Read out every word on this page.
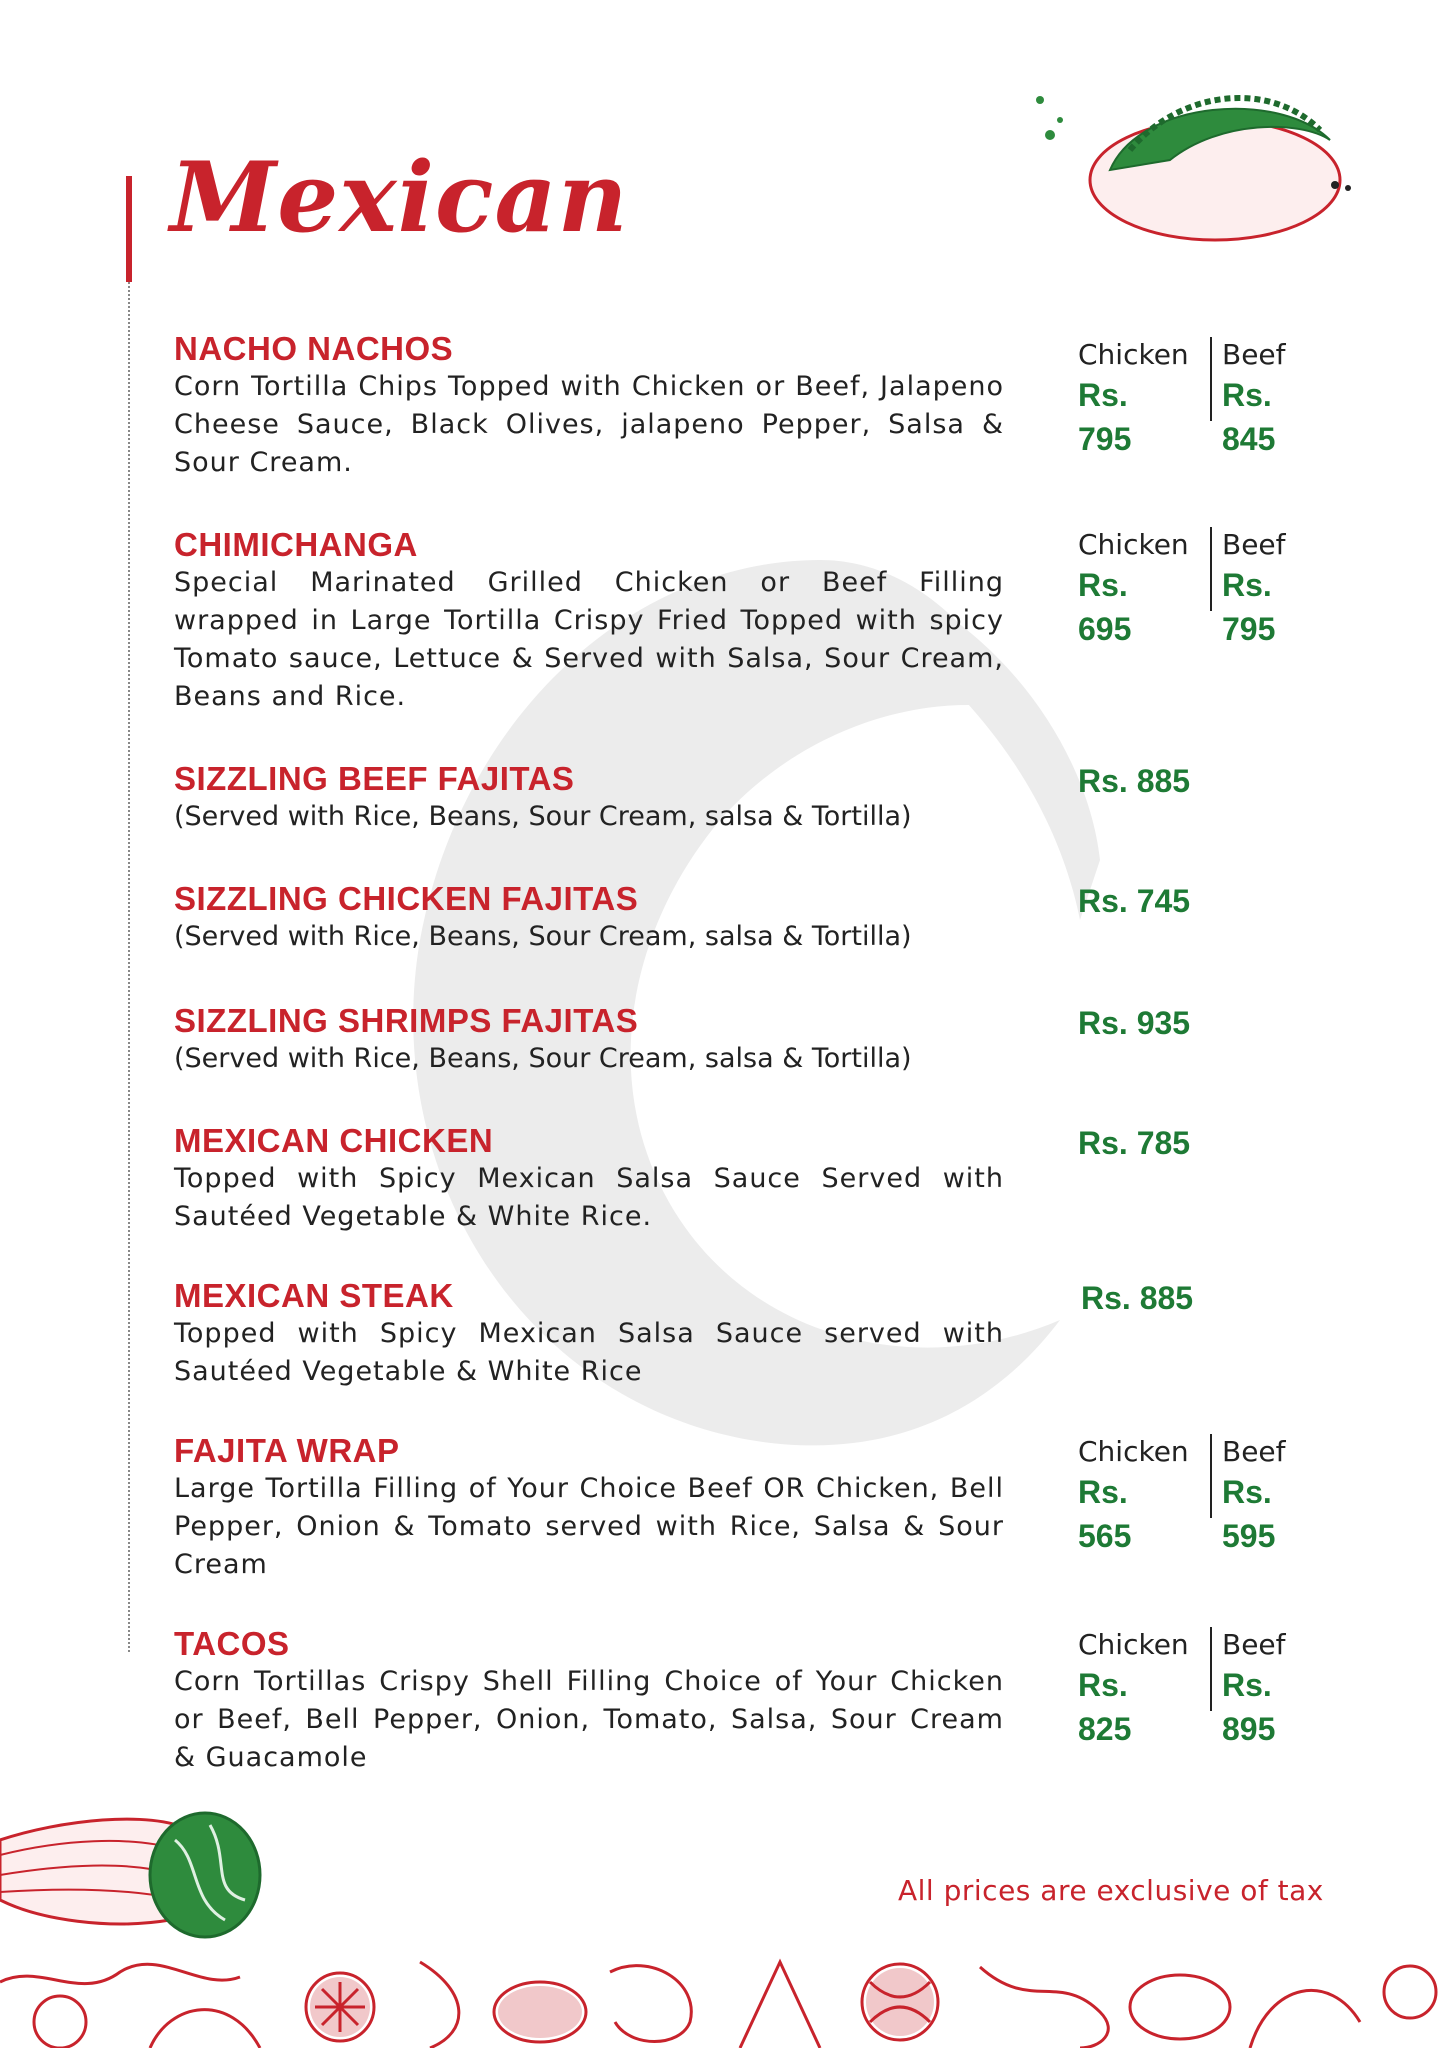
Mexican
NACHO NACHOS
Corn Tortilla Chips Topped with Chicken or Beef, Jalapeno Cheese Sauce, Black Olives, jalapeno Pepper, Salsa & Sour Cream.
Chicken
Rs. 795
Beef
Rs. 845
CHIMICHANGA
Special Marinated Grilled Chicken or Beef Filling wrapped in Large Tortilla Crispy Fried Topped with spicy Tomato sauce, Lettuce & Served with Salsa, Sour Cream, Beans and Rice.
Chicken
Rs. 695
Beef
Rs. 795
SIZZLING BEEF FAJITAS
(Served with Rice, Beans, Sour Cream, salsa & Tortilla)
Rs. 885
SIZZLING CHICKEN FAJITAS
(Served with Rice, Beans, Sour Cream, salsa & Tortilla)
Rs. 745
SIZZLING SHRIMPS FAJITAS
(Served with Rice, Beans, Sour Cream, salsa & Tortilla)
Rs. 935
MEXICAN CHICKEN
Topped with Spicy Mexican Salsa Sauce Served with Sautéed Vegetable & White Rice.
Rs. 785
MEXICAN STEAK
Topped with Spicy Mexican Salsa Sauce served with Sautéed Vegetable & White Rice
Rs. 885
FAJITA WRAP
Large Tortilla Filling of Your Choice Beef OR Chicken, Bell Pepper, Onion & Tomato served with Rice, Salsa & Sour Cream
Chicken
Rs. 565
Beef
Rs. 595
TACOS
Corn Tortillas Crispy Shell Filling Choice of Your Chicken or Beef, Bell Pepper, Onion, Tomato, Salsa, Sour Cream & Guacamole
Chicken
Rs. 825
Beef
Rs. 895
All prices are exclusive of tax
